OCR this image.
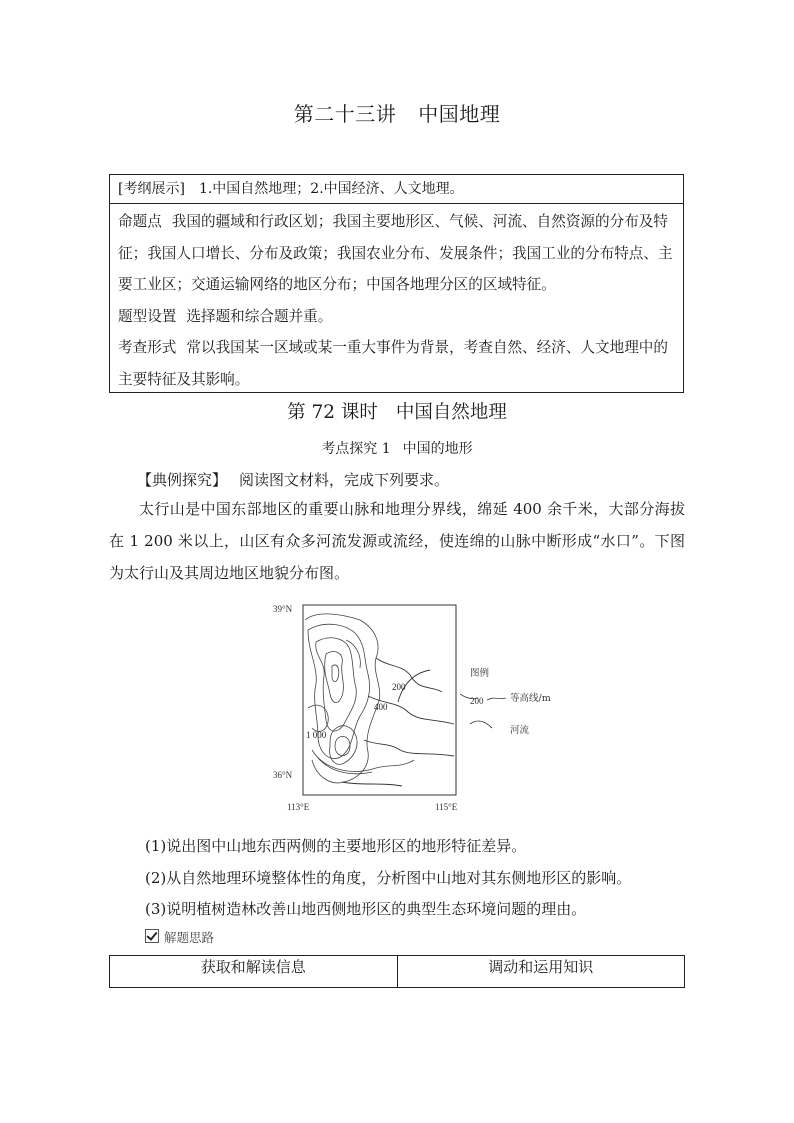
第二十三讲 中国地理
[考纲展示] 1.中国自然地理；2.中国经济、人文地理。
命题点 我国的疆域和行政区划；我国主要地形区、气候、河流、自然资源的分布及特征；我国人口增长、分布及政策；我国农业分布、发展条件；我国工业的分布特点、主要工业区；交通运输网络的地区分布；中国各地理分区的区域特征。
题型设置 选择题和综合题并重。
考查形式 常以我国某一区域或某一重大事件为背景，考查自然、经济、人文地理中的主要特征及其影响。
第 72 课时 中国自然地理
考点探究 1 中国的地形
【典例探究】 阅读图文材料，完成下列要求。
太行山是中国东部地区的重要山脉和地理分界线，绵延 400 余千米，大部分海拔在 1 200 米以上，山区有众多河流发源或流经，使连绵的山脉中断形成“水口”。下图为太行山及其周边地区地貌分布图。
39°N
36°N
113°E	115°E
200
400
1 000
图例
200	等高线/m
河流
(1)说出图中山地东西两侧的主要地形区的地形特征差异。
(2)从自然地理环境整体性的角度，分析图中山地对其东侧地形区的影响。
(3)说明植树造林改善山地西侧地形区的典型生态环境问题的理由。
解题思路
获取和解读信息	调动和运用知识
